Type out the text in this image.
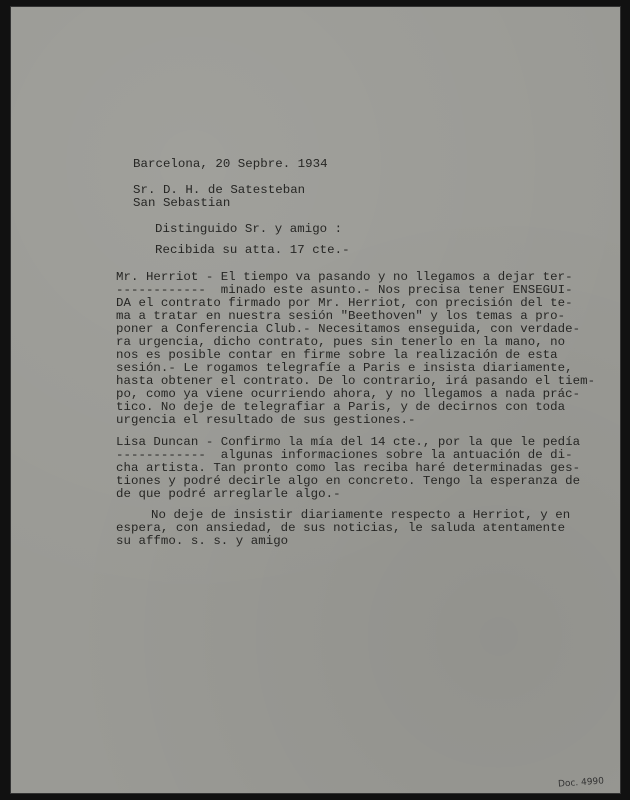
Barcelona, 20 Sepbre. 1934
Sr. D. H. de Satesteban
San Sebastian
Distinguido Sr. y amigo :
Recibida su atta. 17 cte.-
Mr. Herriot - El tiempo va pasando y no llegamos a dejar ter-
------------  minado este asunto.- Nos precisa tener ENSEGUI-
DA el contrato firmado por Mr. Herriot, con precisión del te-
ma a tratar en nuestra sesión "Beethoven" y los temas a pro-
poner a Conferencia Club.- Necesitamos enseguida, con verdade-
ra urgencia, dicho contrato, pues sin tenerlo en la mano, no
nos es posible contar en firme sobre la realización de esta
sesión.- Le rogamos telegrafíe a Paris e insista diariamente,
hasta obtener el contrato. De lo contrario, irá pasando el tiem-
po, como ya viene ocurriendo ahora, y no llegamos a nada prác-
tico. No deje de telegrafiar a Paris, y de decirnos con toda
urgencia el resultado de sus gestiones.-
Lisa Duncan - Confirmo la mía del 14 cte., por la que le pedía
------------  algunas informaciones sobre la antuación de di-
cha artista. Tan pronto como las reciba haré determinadas ges-
tiones y podré decirle algo en concreto. Tengo la esperanza de
de que podré arreglarle algo.-
No deje de insistir diariamente respecto a Herriot, y en
espera, con ansiedad, de sus noticias, le saluda atentamente
su affmo. s. s. y amigo
Doc. 4990
